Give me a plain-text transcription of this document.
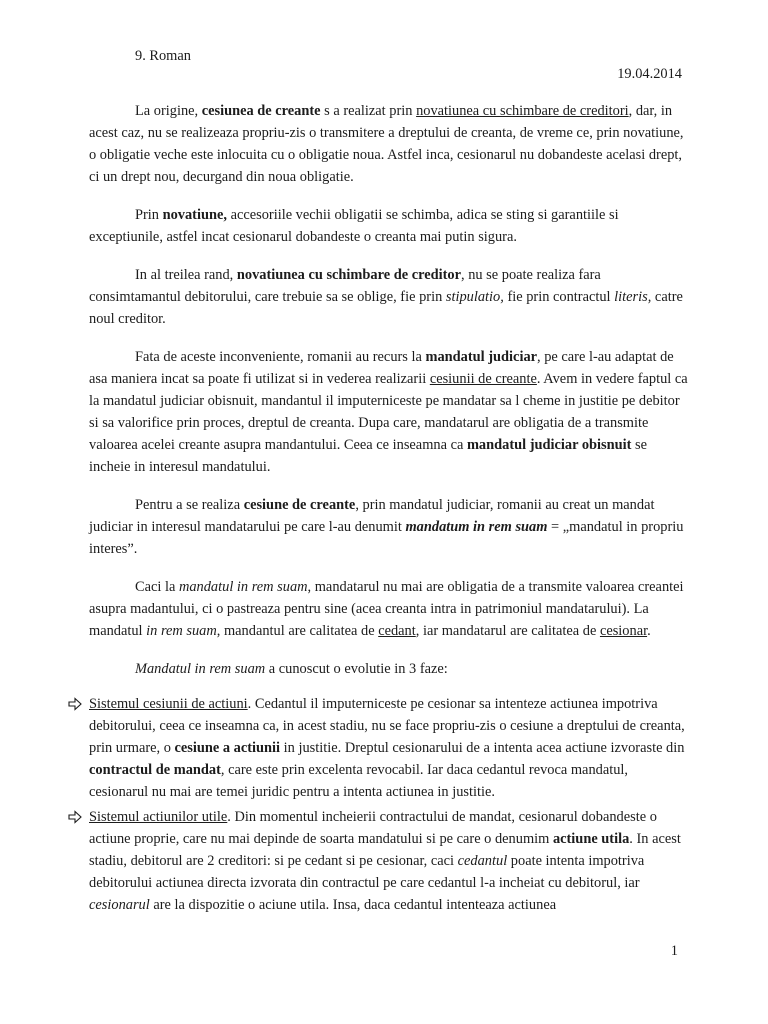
9. Roman
19.04.2014

La origine, cesiunea de creante s a realizat prin novatiunea cu schimbare de creditori, dar, in acest caz, nu se realizeaza propriu-zis o transmitere a dreptului de creanta, de vreme ce, prin novatiune, o obligatie veche este inlocuita cu o obligatie noua. Astfel inca, cesionarul nu dobandeste acelasi drept, ci un drept nou, decurgand din noua obligatie.

Prin novatiune, accesoriile vechii obligatii se schimba, adica se sting si garantiile si exceptiunile, astfel incat cesionarul dobandeste o creanta mai putin sigura.

In al treilea rand, novatiunea cu schimbare de creditor, nu se poate realiza fara consimtamantul debitorului, care trebuie sa se oblige, fie prin stipulatio, fie prin contractul literis, catre noul creditor.

Fata de aceste inconveniente, romanii au recurs la mandatul judiciar, pe care l-au adaptat de asa maniera incat sa poate fi utilizat si in vederea realizarii cesiunii de creante. Avem in vedere faptul ca la mandatul judiciar obisnuit, mandantul il imputerniceste pe mandatar sa l cheme in justitie pe debitor si sa valorifice prin proces, dreptul de creanta. Dupa care, mandatarul are obligatia de a transmite valoarea acelei creante asupra mandantului. Ceea ce inseamna ca mandatul judiciar obisnuit se incheie in interesul mandatului.

Pentru a se realiza cesiune de creante, prin mandatul judiciar, romanii au creat un mandat judiciar in interesul mandatarului pe care l-au denumit mandatum in rem suam = „mandatul in propriu interes”.

Caci la mandatul in rem suam, mandatarul nu mai are obligatia de a transmite valoarea creantei asupra madantului, ci o pastreaza pentru sine (acea creanta intra in patrimoniul mandatarului). La mandatul in rem suam, mandantul are calitatea de cedant, iar mandatarul are calitatea de cesionar.

Mandatul in rem suam a cunoscut o evolutie in 3 faze:

Sistemul cesiunii de actiuni. Cedantul il imputerniceste pe cesionar sa intenteze actiunea impotriva debitorului, ceea ce inseamna ca, in acest stadiu, nu se face propriu-zis o cesiune a dreptului de creanta, prin urmare, o cesiune a actiunii in justitie. Dreptul cesionarului de a intenta acea actiune izvoraste din contractul de mandat, care este prin excelenta revocabil. Iar daca cedantul revoca mandatul, cesionarul nu mai are temei juridic pentru a intenta actiunea in justitie.
Sistemul actiunilor utile. Din momentul incheierii contractului de mandat, cesionarul dobandeste o actiune proprie, care nu mai depinde de soarta mandatului si pe care o denumim actiune utila. In acest stadiu, debitorul are 2 creditori: si pe cedant si pe cesionar, caci cedantul poate intenta impotriva debitorului actiunea directa izvorata din contractul pe care cedantul l-a incheiat cu debitorul, iar cesionarul are la dispozitie o aciune utila. Insa, daca cedantul intenteaza actiunea
1
